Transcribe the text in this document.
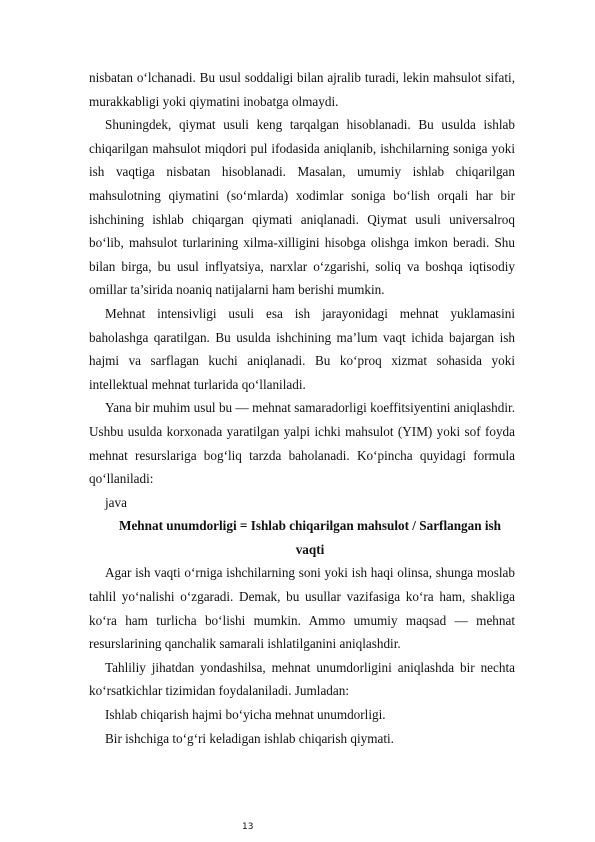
nisbatan o‘lchanadi. Bu usul soddaligi bilan ajralib turadi, lekin mahsulot sifati, murakkabligi yoki qiymatini inobatga olmaydi.

Shuningdek, qiymat usuli keng tarqalgan hisoblanadi. Bu usulda ishlab chiqarilgan mahsulot miqdori pul ifodasida aniqlanib, ishchilarning soniga yoki ish vaqtiga nisbatan hisoblanadi. Masalan, umumiy ishlab chiqarilgan mahsulotning qiymatini (so‘mlarda) xodimlar soniga bo‘lish orqali har bir ishchining ishlab chiqargan qiymati aniqlanadi. Qiymat usuli universalroq bo‘lib, mahsulot turlarining xilma-xilligini hisobga olishga imkon beradi. Shu bilan birga, bu usul inflyatsiya, narxlar o‘zgarishi, soliq va boshqa iqtisodiy omillar ta’sirida noaniq natijalarni ham berishi mumkin.

Mehnat intensivligi usuli esa ish jarayonidagi mehnat yuklamasini baholashga qaratilgan. Bu usulda ishchining ma’lum vaqt ichida bajargan ish hajmi va sarflagan kuchi aniqlanadi. Bu ko‘proq xizmat sohasida yoki intellektual mehnat turlarida qo‘llaniladi.

Yana bir muhim usul bu — mehnat samaradorligi koeffitsiyentini aniqlashdir. Ushbu usulda korxonada yaratilgan yalpi ichki mahsulot (YIM) yoki sof foyda mehnat resurslariga bog‘liq tarzda baholanadi. Ko‘pincha quyidagi formula qo‘llaniladi:

java

Mehnat unumdorligi = Ishlab chiqarilgan mahsulot / Sarflangan ish vaqti

Agar ish vaqti o‘rniga ishchilarning soni yoki ish haqi olinsa, shunga moslab tahlil yo‘nalishi o‘zgaradi. Demak, bu usullar vazifasiga ko‘ra ham, shakliga ko‘ra ham turlicha bo‘lishi mumkin. Ammo umumiy maqsad — mehnat resurslarining qanchalik samarali ishlatilganini aniqlashdir.

Tahliliy jihatdan yondashilsa, mehnat unumdorligini aniqlashda bir nechta ko‘rsatkichlar tizimidan foydalaniladi. Jumladan:

Ishlab chiqarish hajmi bo‘yicha mehnat unumdorligi.

Bir ishchiga to‘g‘ri keladigan ishlab chiqarish qiymati.

13
